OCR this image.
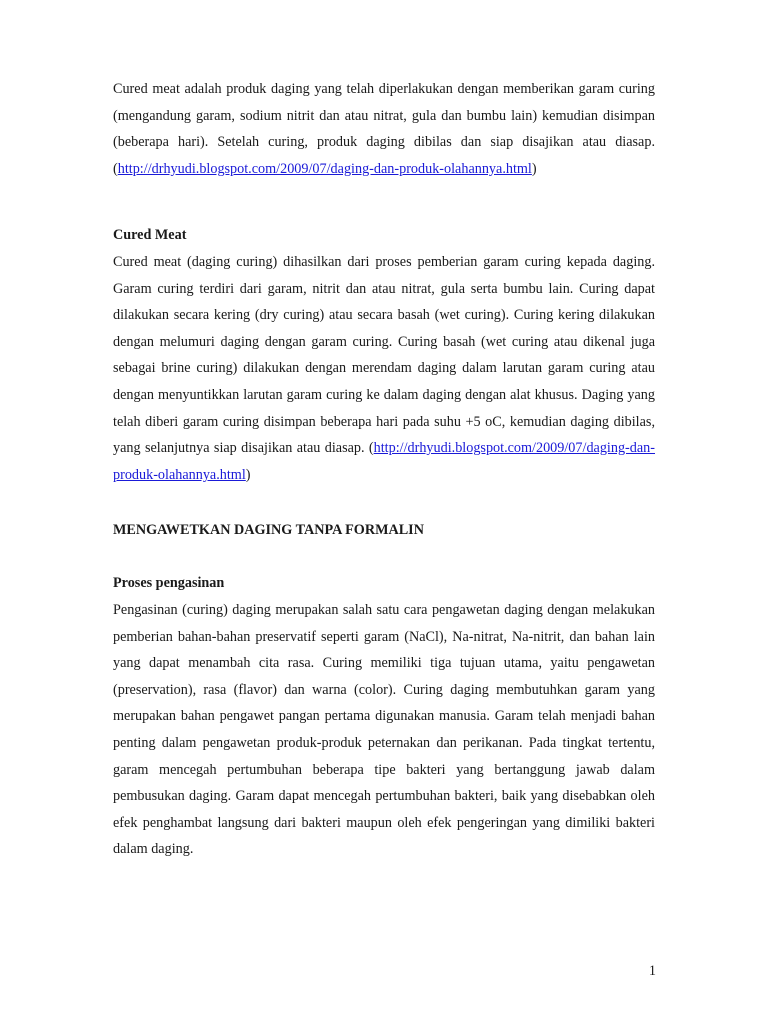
Cured meat adalah produk daging yang telah diperlakukan dengan memberikan garam curing (mengandung garam, sodium nitrit dan atau nitrat, gula dan bumbu lain) kemudian disimpan (beberapa hari). Setelah curing, produk daging dibilas dan siap disajikan atau diasap. (http://drhyudi.blogspot.com/2009/07/daging-dan-produk-olahannya.html)

Cured Meat

Cured meat (daging curing) dihasilkan dari proses pemberian garam curing kepada daging. Garam curing terdiri dari garam, nitrit dan atau nitrat, gula serta bumbu lain. Curing dapat dilakukan secara kering (dry curing) atau secara basah (wet curing). Curing kering dilakukan dengan melumuri daging dengan garam curing. Curing basah (wet curing atau dikenal juga sebagai brine curing) dilakukan dengan merendam daging dalam larutan garam curing atau dengan menyuntikkan larutan garam curing ke dalam daging dengan alat khusus. Daging yang telah diberi garam curing disimpan beberapa hari pada suhu +5 oC, kemudian daging dibilas, yang selanjutnya siap disajikan atau diasap. (http://drhyudi.blogspot.com/2009/07/daging-dan-produk-olahannya.html)

MENGAWETKAN DAGING TANPA FORMALIN
Proses pengasinan

Pengasinan (curing) daging merupakan salah satu cara pengawetan daging dengan melakukan pemberian bahan-bahan preservatif seperti garam (NaCl), Na-nitrat, Na-nitrit, dan bahan lain yang dapat menambah cita rasa. Curing memiliki tiga tujuan utama, yaitu pengawetan (preservation), rasa (flavor) dan warna (color). Curing daging membutuhkan garam yang merupakan bahan pengawet pangan pertama digunakan manusia. Garam telah menjadi bahan penting dalam pengawetan produk-produk peternakan dan perikanan. Pada tingkat tertentu, garam mencegah pertumbuhan beberapa tipe bakteri yang bertanggung jawab dalam pembusukan daging. Garam dapat mencegah pertumbuhan bakteri, baik yang disebabkan oleh efek penghambat langsung dari bakteri maupun oleh efek pengeringan yang dimiliki bakteri dalam daging.

1
